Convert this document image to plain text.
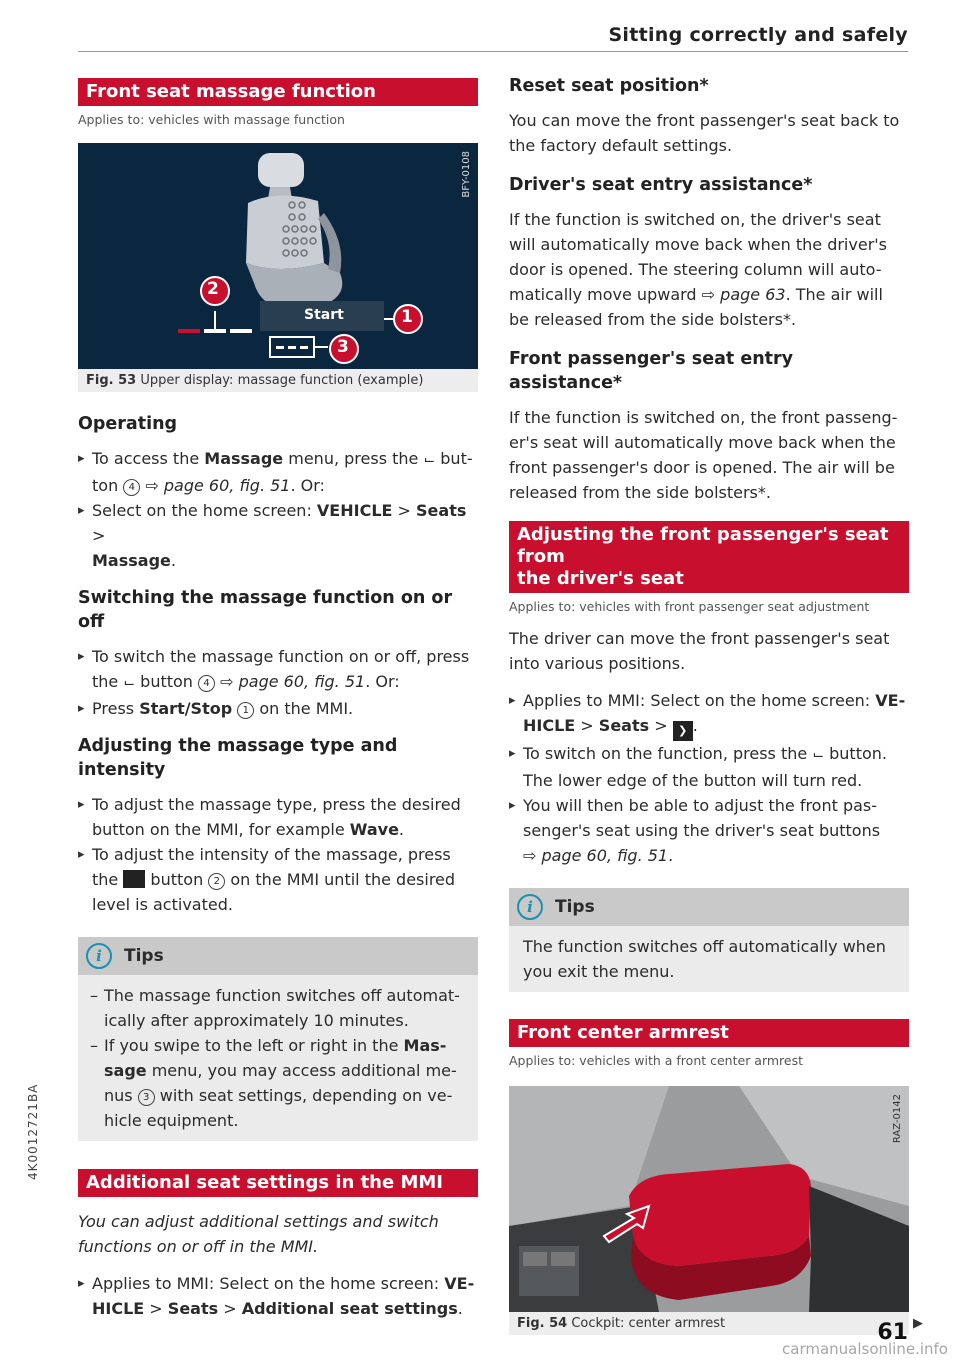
Sitting correctly and safely
Front seat massage function
Applies to: vehicles with massage function
Start
2
1
3
BFY-0108
Fig. 53 Upper display: massage function (example)
Operating
▸ To access the Massage menu, press the ⌙ but-
ton 4 ⇨ page 60, fig. 51. Or:
▸ Select on the home screen: VEHICLE > Seats >
Massage.
Switching the massage function on or off
▸ To switch the massage function on or off, press
the ⌙ button 4 ⇨ page 60, fig. 51. Or:
▸ Press Start/Stop 1 on the MMI.
Adjusting the massage type and intensity
▸ To adjust the massage type, press the desired
button on the MMI, for example Wave.
▸ To adjust the intensity of the massage, press
the  button 2 on the MMI until the desired
level is activated.
i	Tips
– The massage function switches off automat-
ically after approximately 10 minutes.
– If you swipe to the left or right in the Mas-
sage menu, you may access additional me-
nus 3 with seat settings, depending on ve-
hicle equipment.
Additional seat settings in the MMI

You can adjust additional settings and switch
functions on or off in the MMI.

▸ Applies to MMI: Select on the home screen: VE-
HICLE > Seats > Additional seat settings.
Reset seat position*

You can move the front passenger's seat back to
the factory default settings.

Driver's seat entry assistance*

If the function is switched on, the driver's seat
will automatically move back when the driver's
door is opened. The steering column will auto-
matically move upward ⇨ page 63. The air will
be released from the side bolsters*.

Front passenger's seat entry assistance*

If the function is switched on, the front passeng-
er's seat will automatically move back when the
front passenger's door is opened. The air will be
released from the side bolsters*.

Adjusting the front passenger's seat from
the driver's seat
Applies to: vehicles with front passenger seat adjustment

The driver can move the front passenger's seat
into various positions.

▸ Applies to MMI: Select on the home screen: VE-
HICLE > Seats > ❯ .
▸ To switch on the function, press the ⌙ button.
The lower edge of the button will turn red.
▸ You will then be able to adjust the front pas-
senger's seat using the driver's seat buttons
⇨ page 60, fig. 51.
i	Tips

The function switches off automatically when
you exit the menu.

Front center armrest
Applies to: vehicles with a front center armrest
RAZ-0142
Fig. 54 Cockpit: center armrest	▶
61
4K0012721BA
carmanualsonline.info
